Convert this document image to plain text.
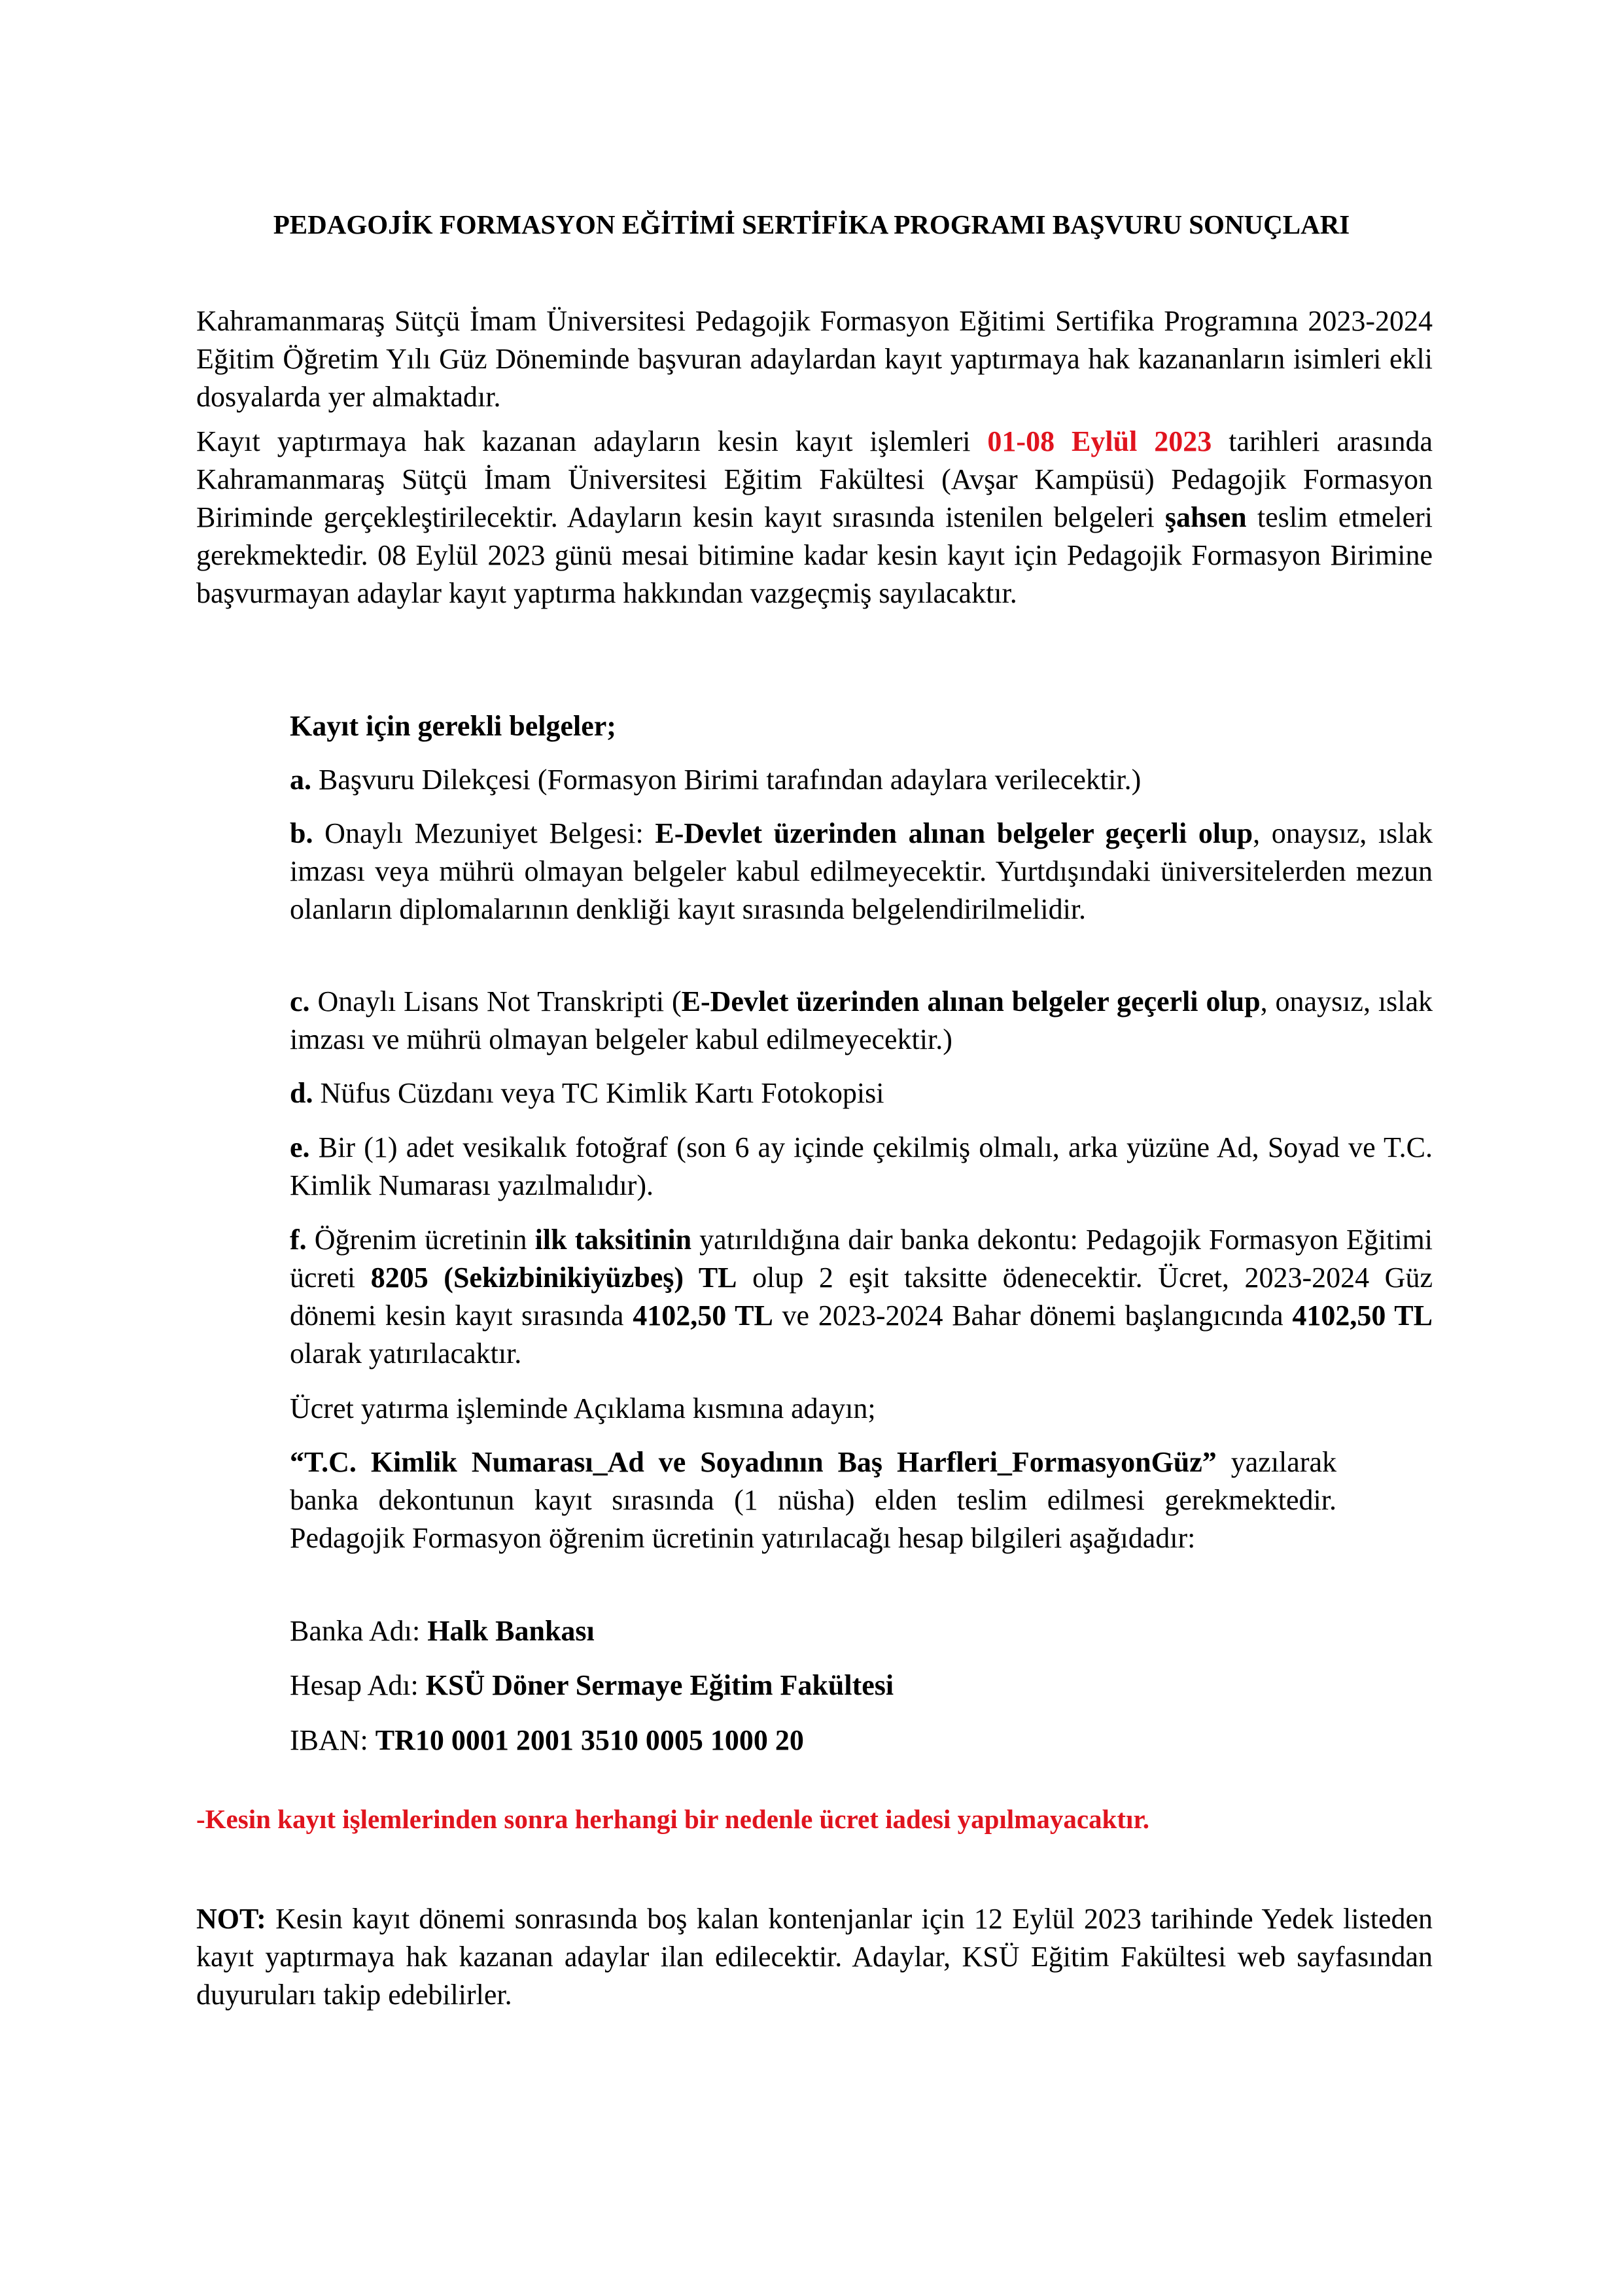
PEDAGOJİK FORMASYON EĞİTİMİ SERTİFİKA PROGRAMI BAŞVURU SONUÇLARI

Kahramanmaraş Sütçü İmam Üniversitesi Pedagojik Formasyon Eğitimi Sertifika Programına 2023-2024 Eğitim Öğretim Yılı Güz Döneminde başvuran adaylardan kayıt yaptırmaya hak kazananların isimleri ekli dosyalarda yer almaktadır.

Kayıt yaptırmaya hak kazanan adayların kesin kayıt işlemleri 01-08 Eylül 2023 tarihleri arasında Kahramanmaraş Sütçü İmam Üniversitesi Eğitim Fakültesi (Avşar Kampüsü) Pedagojik Formasyon Biriminde gerçekleştirilecektir. Adayların kesin kayıt sırasında istenilen belgeleri şahsen teslim etmeleri gerekmektedir. 08 Eylül 2023 günü mesai bitimine kadar kesin kayıt için Pedagojik Formasyon Birimine başvurmayan adaylar kayıt yaptırma hakkından vazgeçmiş sayılacaktır.

Kayıt için gerekli belgeler;

a. Başvuru Dilekçesi (Formasyon Birimi tarafından adaylara verilecektir.)

b. Onaylı Mezuniyet Belgesi: E-Devlet üzerinden alınan belgeler geçerli olup, onaysız, ıslak imzası veya mührü olmayan belgeler kabul edilmeyecektir. Yurtdışındaki üniversitelerden mezun olanların diplomalarının denkliği kayıt sırasında belgelendirilmelidir.

c. Onaylı Lisans Not Transkripti (E-Devlet üzerinden alınan belgeler geçerli olup, onaysız, ıslak imzası ve mührü olmayan belgeler kabul edilmeyecektir.)

d. Nüfus Cüzdanı veya TC Kimlik Kartı Fotokopisi

e. Bir (1) adet vesikalık fotoğraf (son 6 ay içinde çekilmiş olmalı, arka yüzüne Ad, Soyad ve T.C. Kimlik Numarası yazılmalıdır).

f. Öğrenim ücretinin ilk taksitinin yatırıldığına dair banka dekontu: Pedagojik Formasyon Eğitimi ücreti 8205 (Sekizbinikiyüzbeş) TL olup 2 eşit taksitte ödenecektir. Ücret, 2023-2024 Güz dönemi kesin kayıt sırasında 4102,50 TL ve 2023-2024 Bahar dönemi başlangıcında 4102,50 TL olarak yatırılacaktır.

Ücret yatırma işleminde Açıklama kısmına adayın;

“T.C. Kimlik Numarası_Ad ve Soyadının Baş Harfleri_FormasyonGüz” yazılarak banka dekontunun kayıt sırasında (1 nüsha) elden teslim edilmesi gerekmektedir. Pedagojik Formasyon öğrenim ücretinin yatırılacağı hesap bilgileri aşağıdadır:

Banka Adı: Halk Bankası

Hesap Adı: KSÜ Döner Sermaye Eğitim Fakültesi

IBAN: TR10 0001 2001 3510 0005 1000 20

-Kesin kayıt işlemlerinden sonra herhangi bir nedenle ücret iadesi yapılmayacaktır.

NOT: Kesin kayıt dönemi sonrasında boş kalan kontenjanlar için 12 Eylül 2023 tarihinde Yedek listeden kayıt yaptırmaya hak kazanan adaylar ilan edilecektir. Adaylar, KSÜ Eğitim Fakültesi web sayfasından duyuruları takip edebilirler.
